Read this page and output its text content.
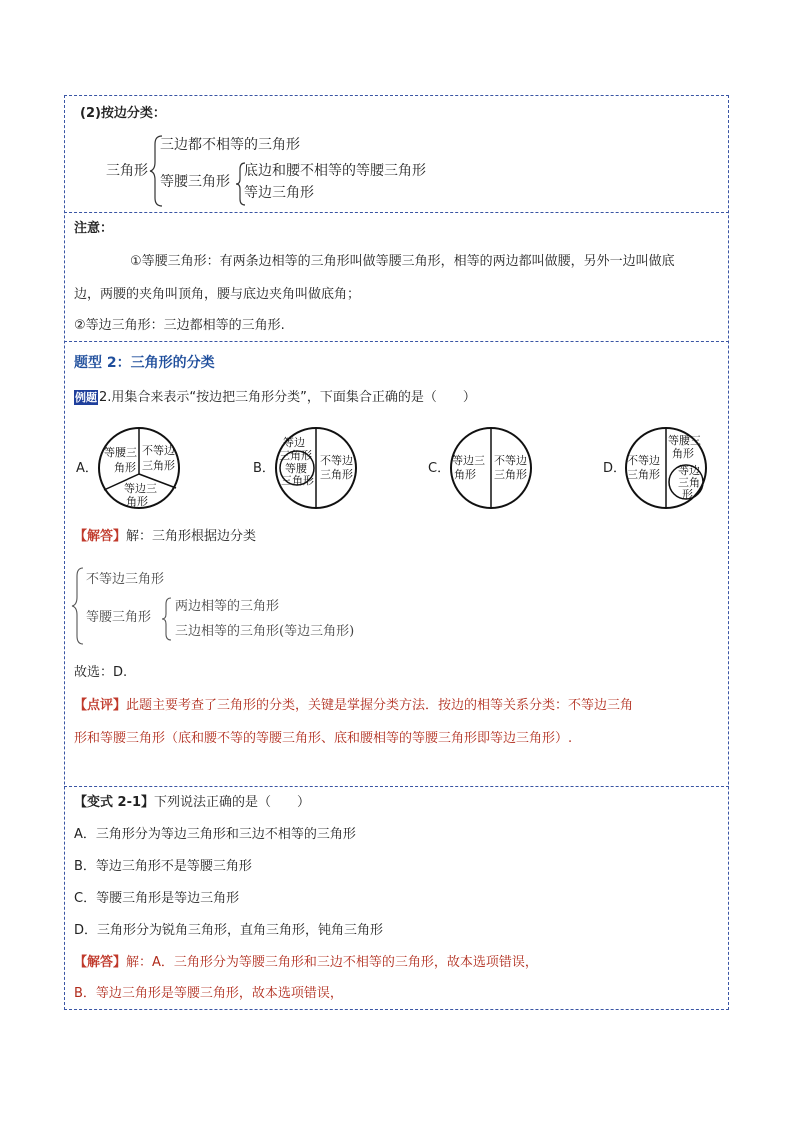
(2)按边分类：
三角形
三边都不相等的三角形
等腰三角形
底边和腰不相等的等腰三角形
等边三角形
注意：
①等腰三角形：有两条边相等的三角形叫做等腰三角形，相等的两边都叫做腰，另外一边叫做底
边，两腰的夹角叫顶角，腰与底边夹角叫做底角；
②等边三角形：三边都相等的三角形.
题型 2：三角形的分类
例题 2.用集合来表示“按边把三角形分类”，下面集合正确的是（　　）
A．
等腰三
角形
不等边
三角形
等边三
角形
B．
等边
三角形
等腰
三角形
不等边
三角形	C．
等边三
角形
不等边
三角形	D．
不等边
三角形
等腰三
角形
等边
三角
形
【解答】解：三角形根据边分类
不等边三角形
等腰三角形
两边相等的三角形
三边相等的三角形(等边三角形)
故选：D.
【点评】此题主要考查了三角形的分类，关键是掌握分类方法．按边的相等关系分类：不等边三角
形和等腰三角形（底和腰不等的等腰三角形、底和腰相等的等腰三角形即等边三角形）.
【变式 2-1】下列说法正确的是（　　）
A．三角形分为等边三角形和三边不相等的三角形
B．等边三角形不是等腰三角形
C．等腰三角形是等边三角形
D．三角形分为锐角三角形，直角三角形，钝角三角形
【解答】解：A．三角形分为等腰三角形和三边不相等的三角形，故本选项错误，
B．等边三角形是等腰三角形，故本选项错误，
